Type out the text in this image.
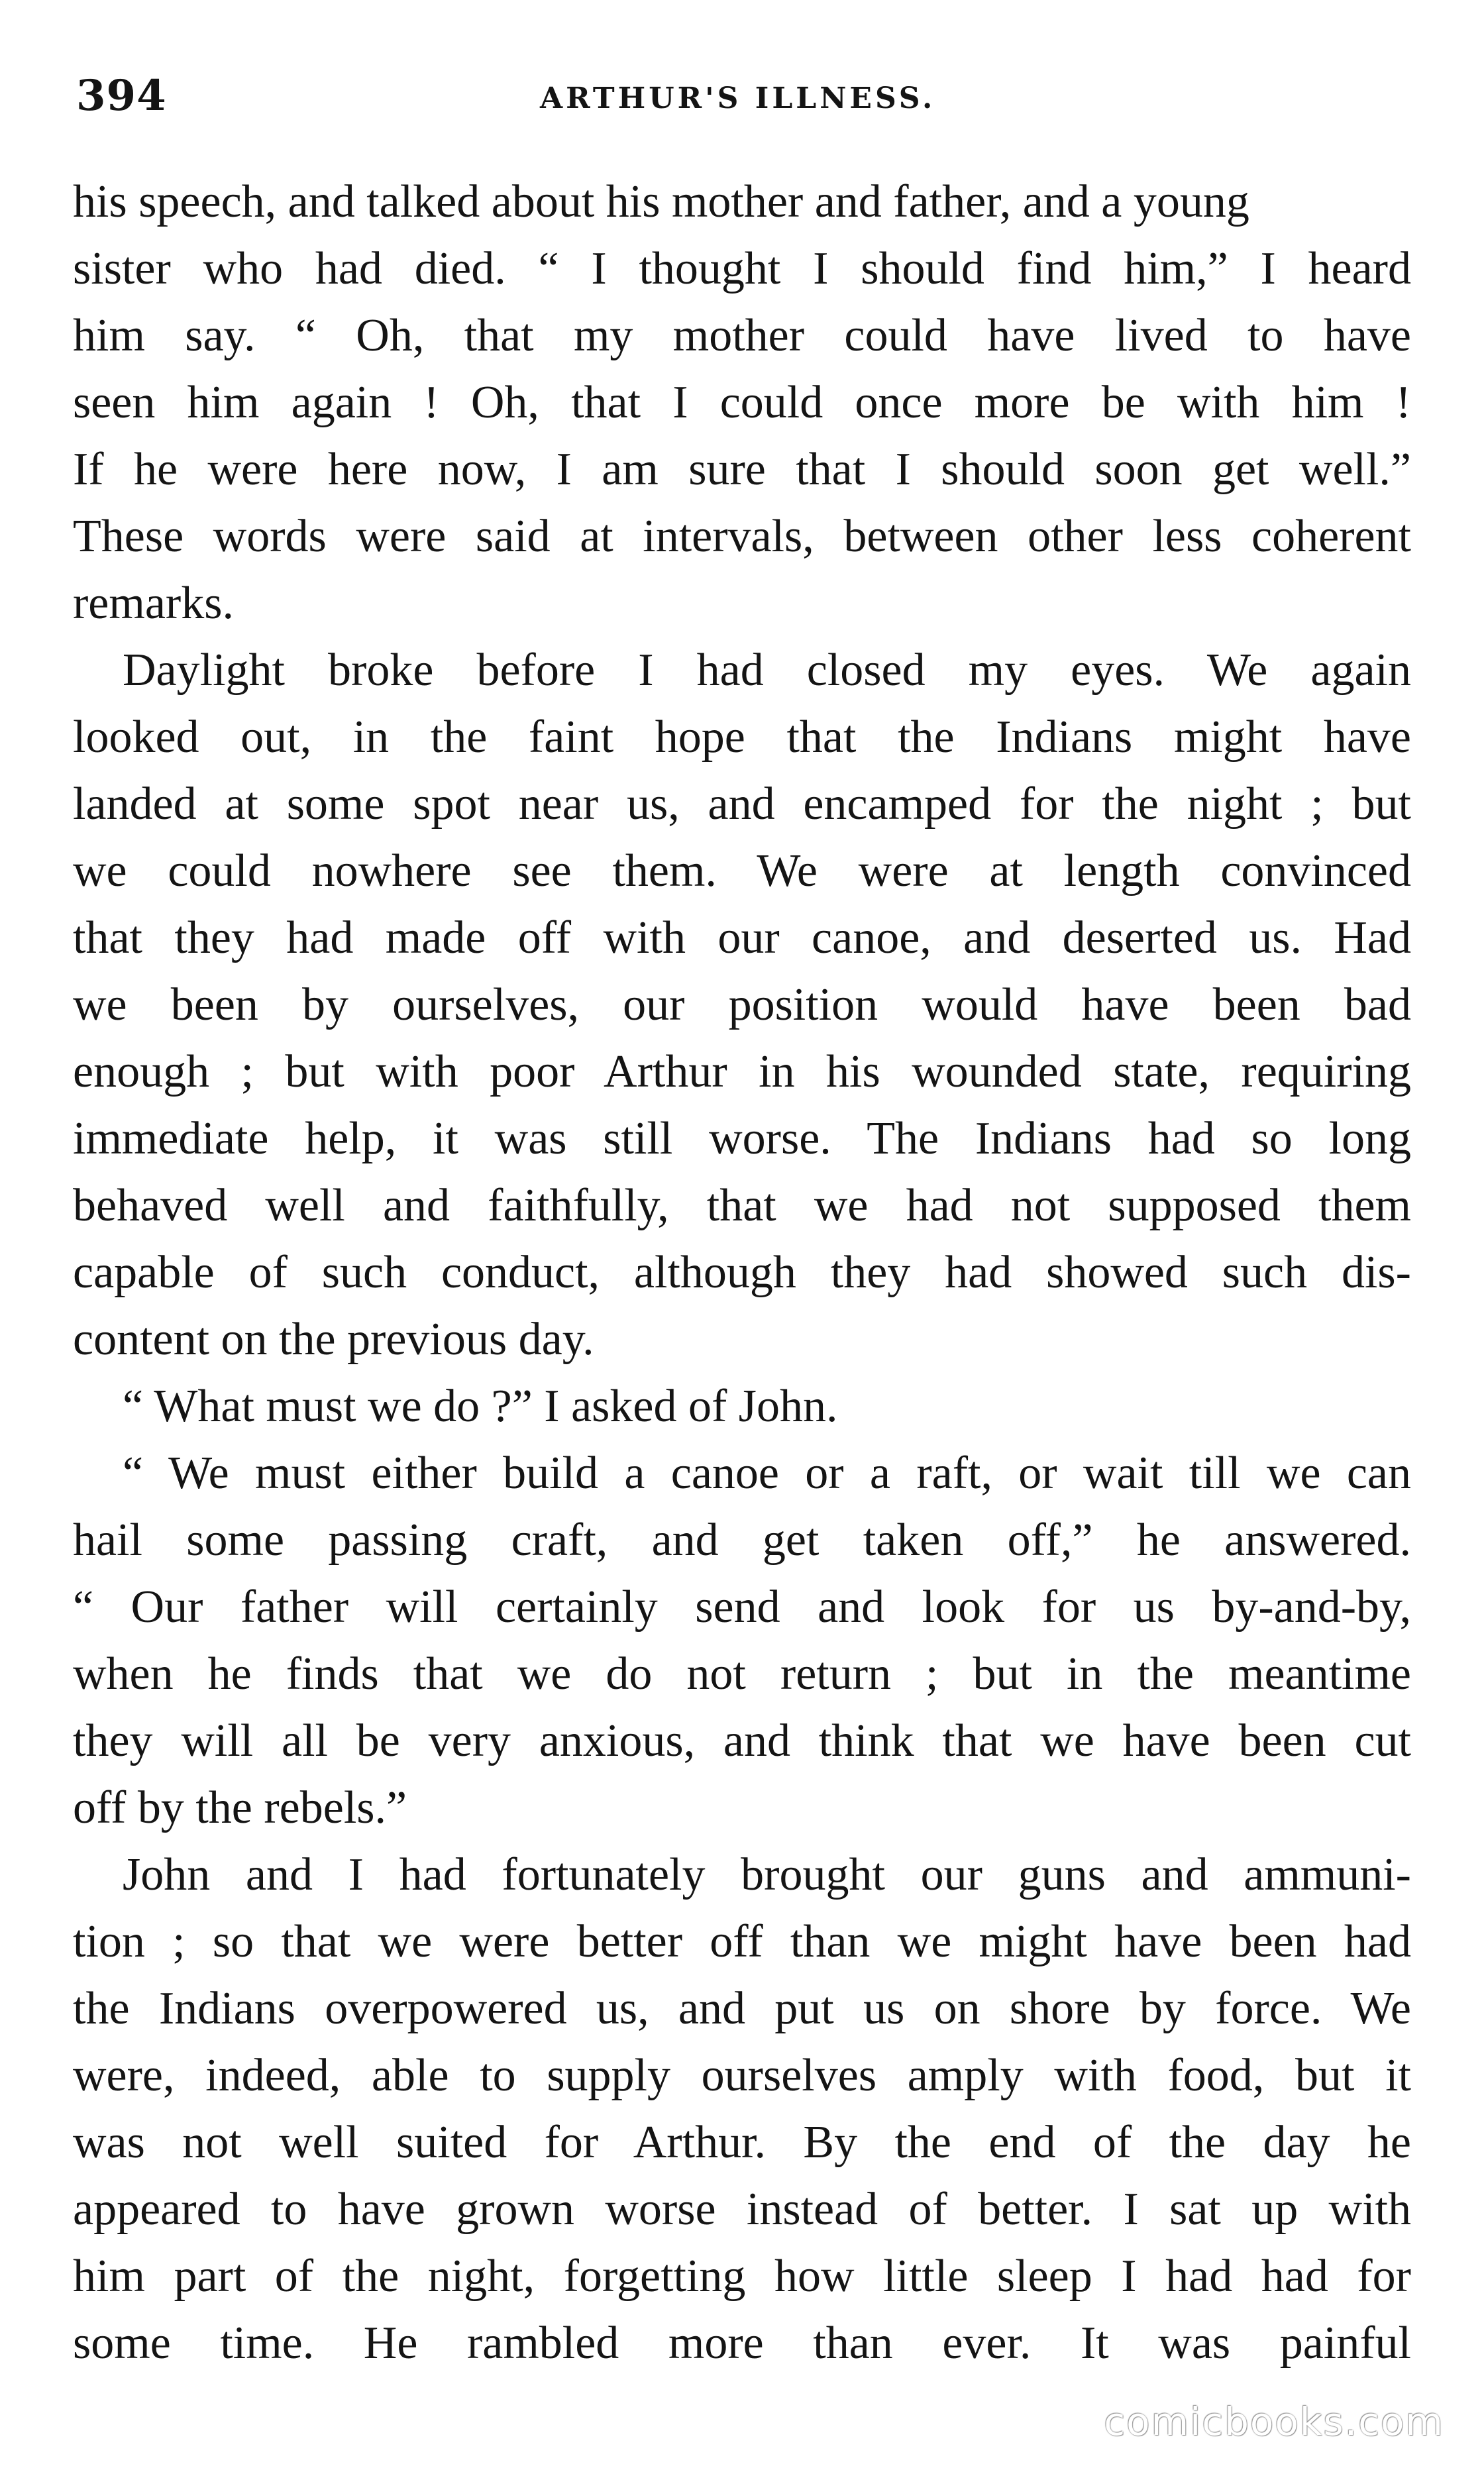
394	ARTHUR'S ILLNESS.
his speech, and talked about his mother and father, and a young
sister who had died. “ I thought I should find him,” I heard
him say. “ Oh, that my mother could have lived to have
seen him again ! Oh, that I could once more be with him !
If he were here now, I am sure that I should soon get well.”
These words were said at intervals, between other less coherent
remarks.
Daylight broke before I had closed my eyes. We again
looked out, in the faint hope that the Indians might have
landed at some spot near us, and encamped for the night ; but
we could nowhere see them. We were at length convinced
that they had made off with our canoe, and deserted us. Had
we been by ourselves, our position would have been bad
enough ; but with poor Arthur in his wounded state, requiring
immediate help, it was still worse. The Indians had so long
behaved well and faithfully, that we had not supposed them
capable of such conduct, although they had showed such dis-
content on the previous day.
“ What must we do ?” I asked of John.
“ We must either build a canoe or a raft, or wait till we can
hail some passing craft, and get taken off,” he answered.
“ Our father will certainly send and look for us by-and-by,
when he finds that we do not return ; but in the meantime
they will all be very anxious, and think that we have been cut
off by the rebels.”
John and I had fortunately brought our guns and ammuni-
tion ; so that we were better off than we might have been had
the Indians overpowered us, and put us on shore by force. We
were, indeed, able to supply ourselves amply with food, but it
was not well suited for Arthur. By the end of the day he
appeared to have grown worse instead of better. I sat up with
him part of the night, forgetting how little sleep I had had for
some time. He rambled more than ever. It was painful
comicbooks.com
